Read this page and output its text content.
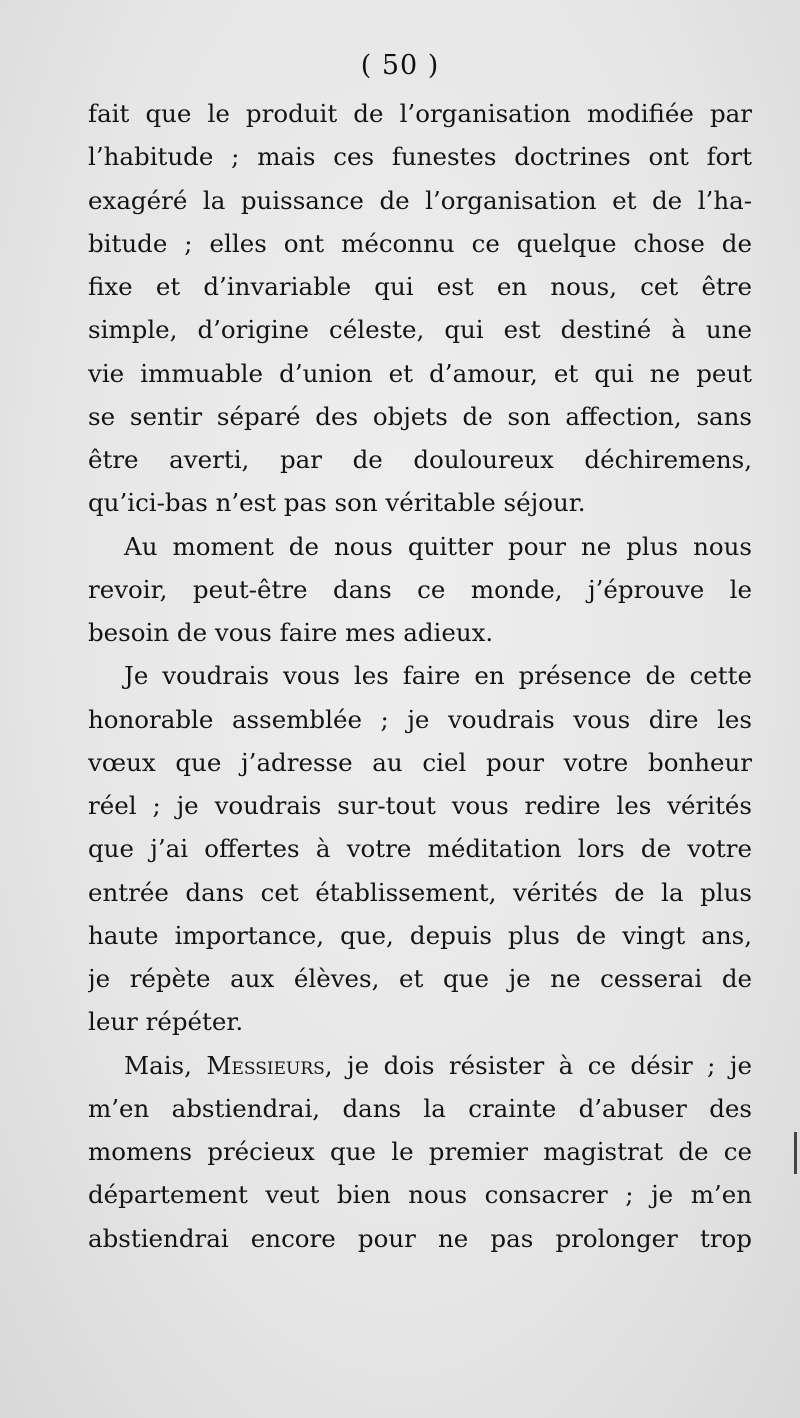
( 50 )
fait que le produit de l’organisation modifiée par
l’habitude ; mais ces funestes doctrines ont fort
exagéré la puissance de l’organisation et de l’ha-
bitude ; elles ont méconnu ce quelque chose de
fixe et d’invariable qui est en nous, cet être
simple, d’origine céleste, qui est destiné à une
vie immuable d’union et d’amour, et qui ne peut
se sentir séparé des objets de son affection, sans
être averti, par de douloureux déchiremens,
qu’ici-bas n’est pas son véritable séjour.
Au moment de nous quitter pour ne plus nous
revoir, peut-être dans ce monde, j’éprouve le
besoin de vous faire mes adieux.
Je voudrais vous les faire en présence de cette
honorable assemblée ; je voudrais vous dire les
vœux que j’adresse au ciel pour votre bonheur
réel ; je voudrais sur-tout vous redire les vérités
que j’ai offertes à votre méditation lors de votre
entrée dans cet établissement, vérités de la plus
haute importance, que, depuis plus de vingt ans,
je répète aux élèves, et que je ne cesserai de
leur répéter.
Mais, Messieurs, je dois résister à ce désir ; je
m’en abstiendrai, dans la crainte d’abuser des
momens précieux que le premier magistrat de ce
département veut bien nous consacrer ; je m’en
abstiendrai encore pour ne pas prolonger trop
